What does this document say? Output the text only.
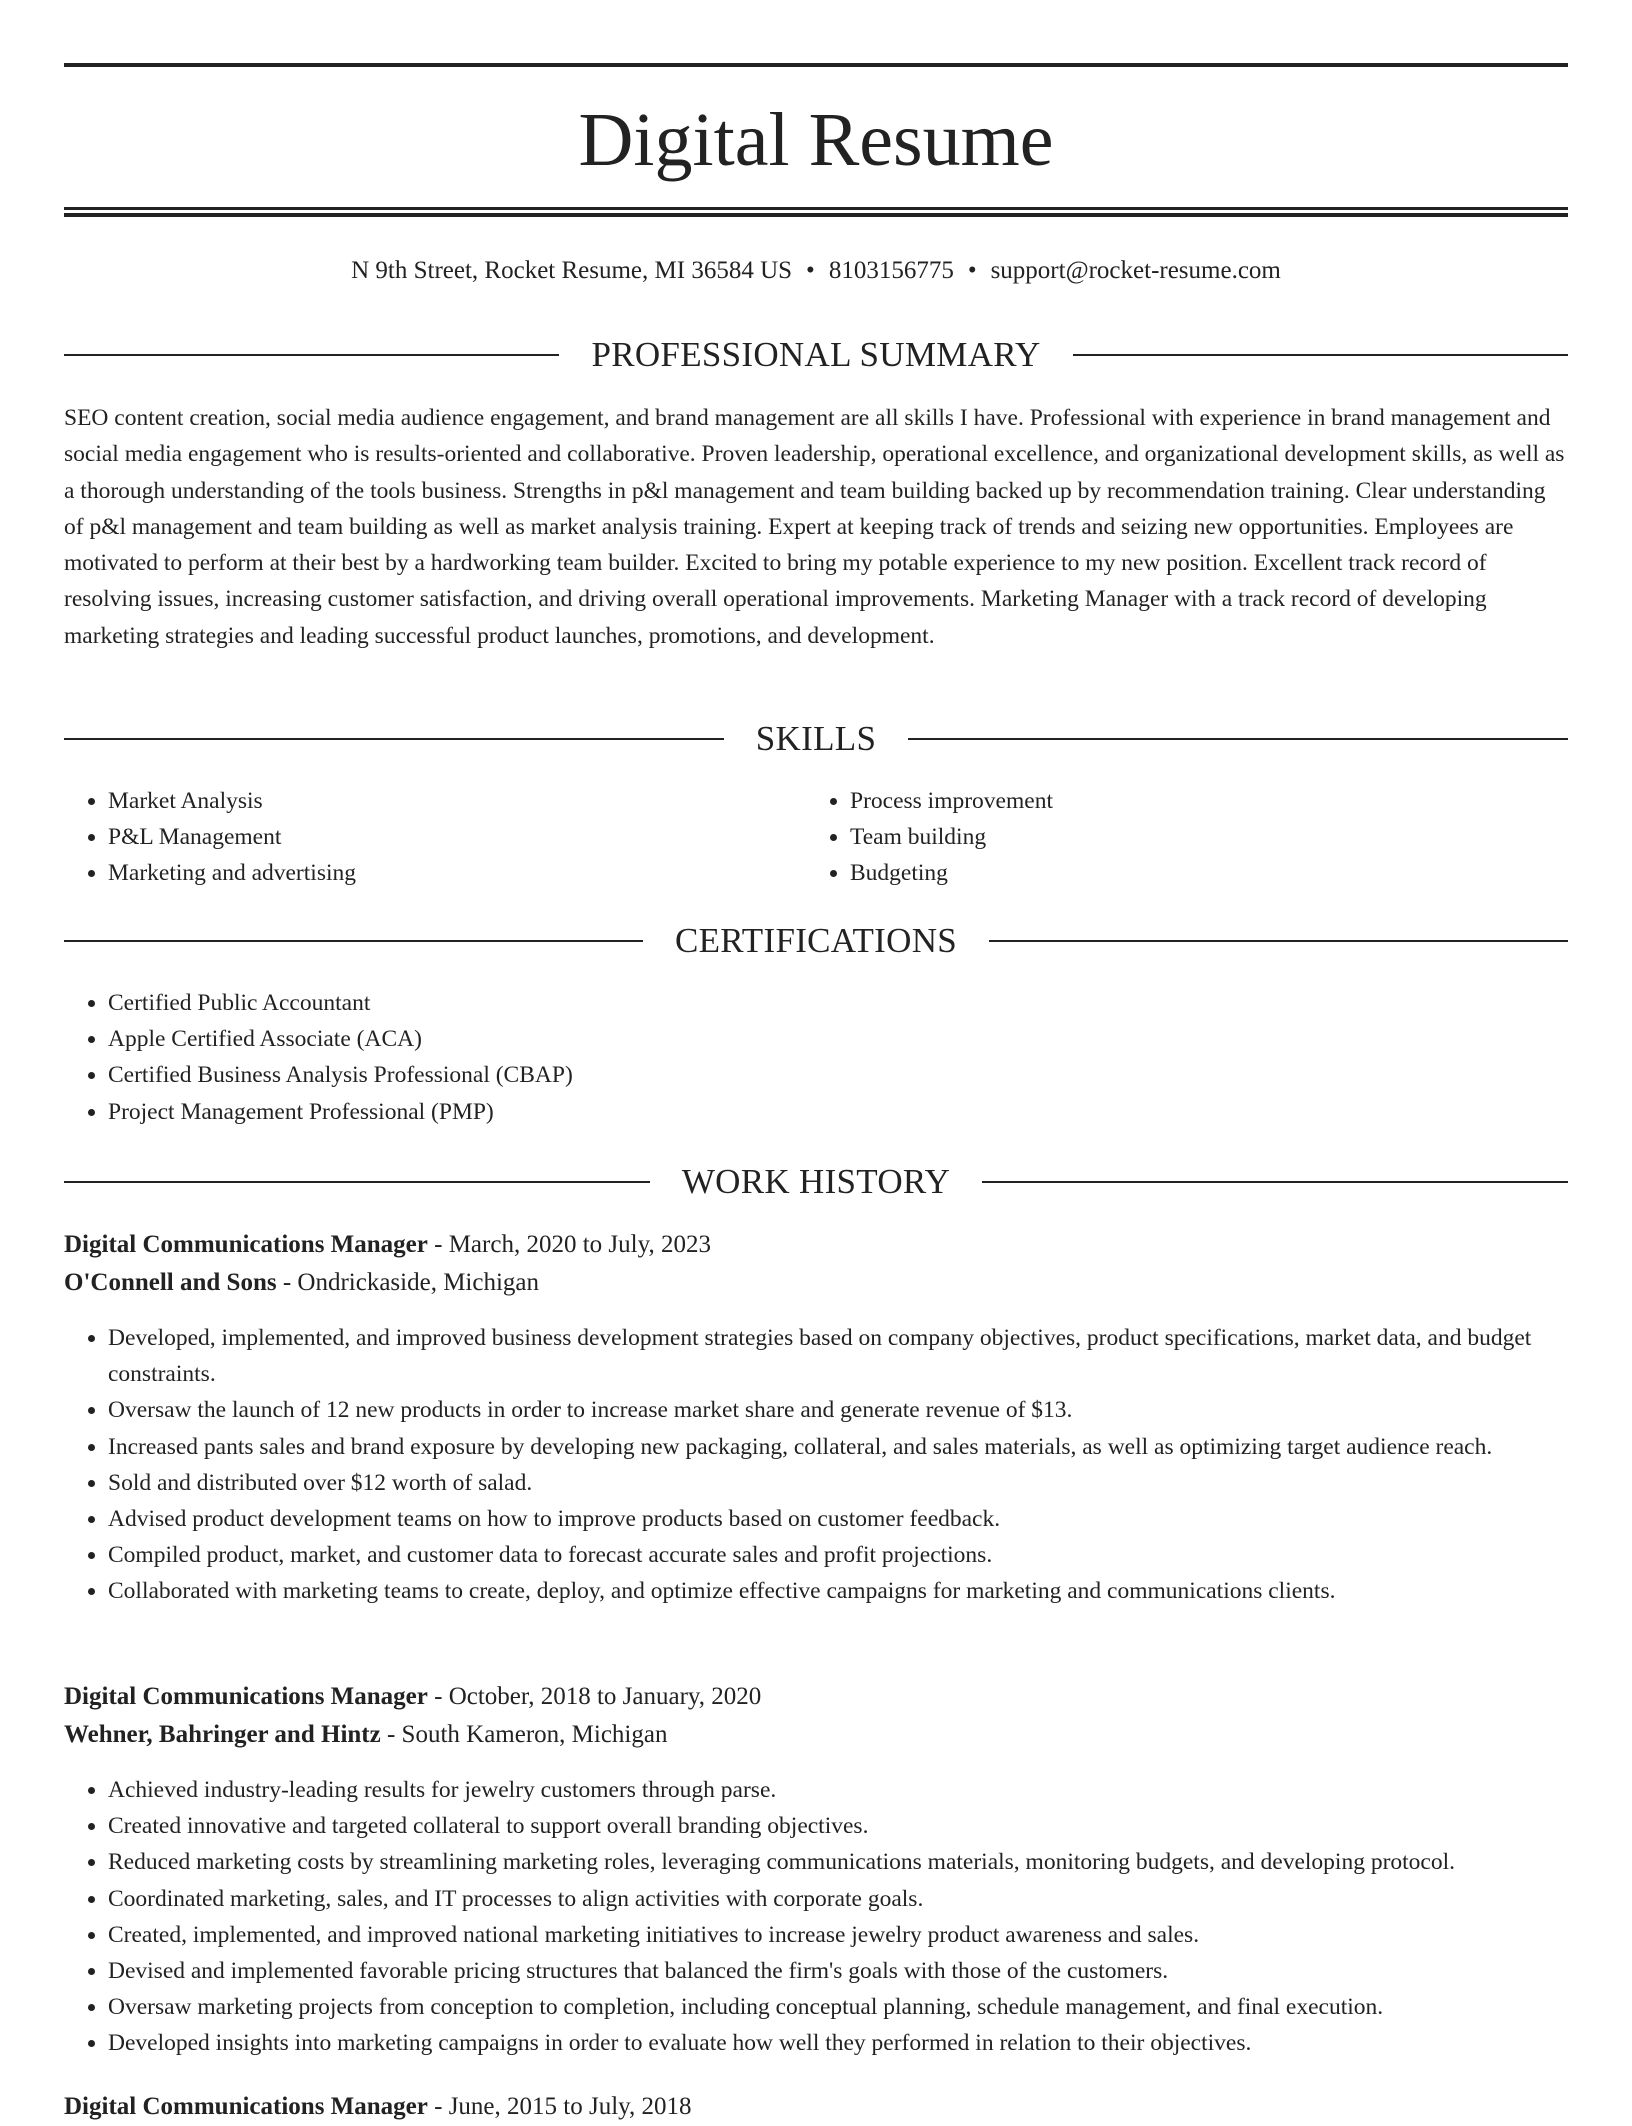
Digital Resume
N 9th Street, Rocket Resume, MI 36584 US • 8103156775 • support@rocket-resume.com
PROFESSIONAL SUMMARY

SEO content creation, social media audience engagement, and brand management are all skills I have. Professional with experience in brand management and social media engagement who is results-oriented and collaborative. Proven leadership, operational excellence, and organizational development skills, as well as a thorough understanding of the tools business. Strengths in p&l management and team building backed up by recommendation training. Clear understanding of p&l management and team building as well as market analysis training. Expert at keeping track of trends and seizing new opportunities. Employees are motivated to perform at their best by a hardworking team builder. Excited to bring my potable experience to my new position. Excellent track record of resolving issues, increasing customer satisfaction, and driving overall operational improvements. Marketing Manager with a track record of developing marketing strategies and leading successful product launches, promotions, and development.

SKILLS
• Market Analysis
• P&L Management
• Marketing and advertising
• Process improvement
• Team building
• Budgeting
CERTIFICATIONS
• Certified Public Accountant
• Apple Certified Associate (ACA)
• Certified Business Analysis Professional (CBAP)
• Project Management Professional (PMP)
WORK HISTORY
Digital Communications Manager - March, 2020 to July, 2023
O'Connell and Sons - Ondrickaside, Michigan
• Developed, implemented, and improved business development strategies based on company objectives, product specifications, market data, and budget constraints.
• Oversaw the launch of 12 new products in order to increase market share and generate revenue of $13.
• Increased pants sales and brand exposure by developing new packaging, collateral, and sales materials, as well as optimizing target audience reach.
• Sold and distributed over $12 worth of salad.
• Advised product development teams on how to improve products based on customer feedback.
• Compiled product, market, and customer data to forecast accurate sales and profit projections.
• Collaborated with marketing teams to create, deploy, and optimize effective campaigns for marketing and communications clients.
Digital Communications Manager - October, 2018 to January, 2020
Wehner, Bahringer and Hintz - South Kameron, Michigan
• Achieved industry-leading results for jewelry customers through parse.
• Created innovative and targeted collateral to support overall branding objectives.
• Reduced marketing costs by streamlining marketing roles, leveraging communications materials, monitoring budgets, and developing protocol.
• Coordinated marketing, sales, and IT processes to align activities with corporate goals.
• Created, implemented, and improved national marketing initiatives to increase jewelry product awareness and sales.
• Devised and implemented favorable pricing structures that balanced the firm's goals with those of the customers.
• Oversaw marketing projects from conception to completion, including conceptual planning, schedule management, and final execution.
• Developed insights into marketing campaigns in order to evaluate how well they performed in relation to their objectives.
Digital Communications Manager - June, 2015 to July, 2018
